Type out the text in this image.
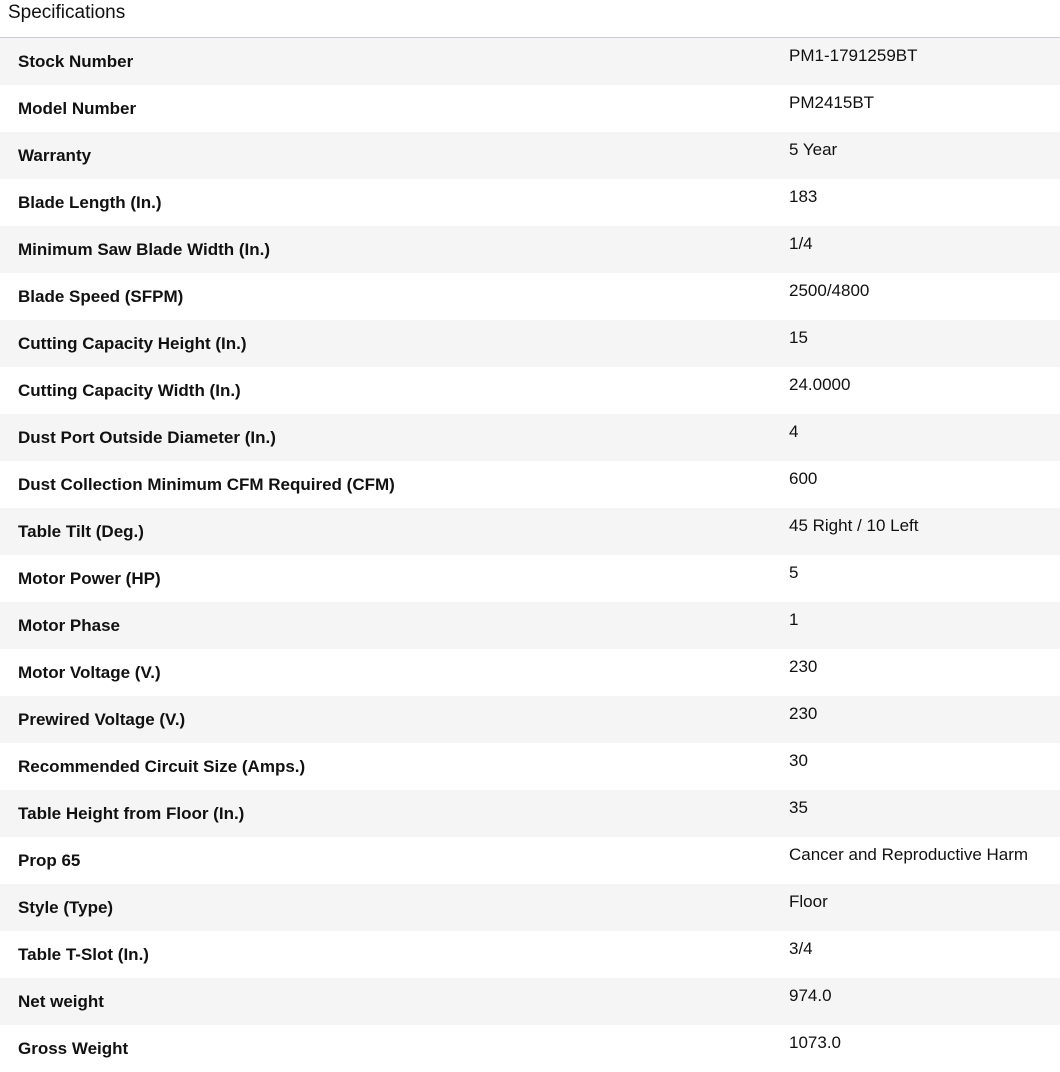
Specifications
Stock Number	PM1-1791259BT
Model Number	PM2415BT
Warranty	5 Year
Blade Length (In.)	183
Minimum Saw Blade Width (In.)	1/4
Blade Speed (SFPM)	2500/4800
Cutting Capacity Height (In.)	15
Cutting Capacity Width (In.)	24.0000
Dust Port Outside Diameter (In.)	4
Dust Collection Minimum CFM Required (CFM)	600
Table Tilt (Deg.)	45 Right / 10 Left
Motor Power (HP)	5
Motor Phase	1
Motor Voltage (V.)	230
Prewired Voltage (V.)	230
Recommended Circuit Size (Amps.)	30
Table Height from Floor (In.)	35
Prop 65	Cancer and Reproductive Harm
Style (Type)	Floor
Table T-Slot (In.)	3/4
Net weight	974.0
Gross Weight	1073.0
